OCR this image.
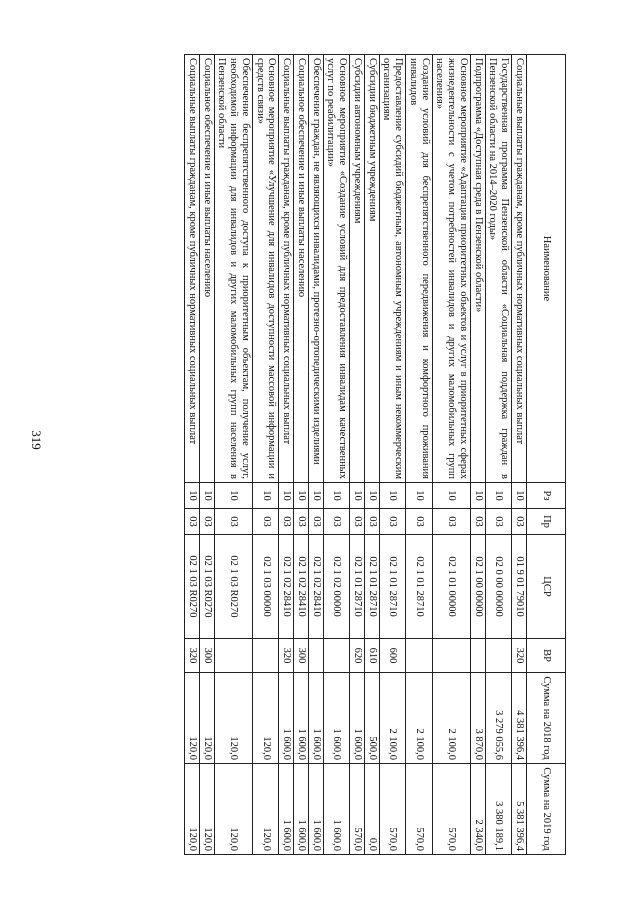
319
Наименование	Рз	Пр	ЦСР	ВР	Сумма на 2018 год	Сумма на 2019 год
Социальные выплаты гражданам, кроме публичных нормативных социальных выплат	10	03	01 9 01 79010	320	4 381 396,4	5 381 396,4
Государственная программа Пензенской области «Социальная поддержка граждан в Пензенской области на 2014–2020 годы»	10	03	02 0 00 00000		3 279 055,6	3 380 189,1
Подпрограмма «Доступная среда в Пензенской области»	10	03	02 1 00 00000		3 870,0	2 340,0
Основное мероприятие «Адаптация приоритетных объектов и услуг в приоритетных сферах жизнедеятельности с учетом потребностей инвалидов и других маломобильных групп населения»	10	03	02 1 01 00000		2 100,0	570,0
Создание условий для беспрепятственного передвижения и комфортного проживания инвалидов	10	03	02 1 01 28710		2 100,0	570,0
Предоставление субсидий бюджетным, автономным учреждениям и иным некоммерческим организациям	10	03	02 1 01 28710	600	2 100,0	570,0
Субсидии бюджетным учреждениям	10	03	02 1 01 28710	610	500,0	0,0
Субсидии автономным учреждениям	10	03	02 1 01 28710	620	1 600,0	570,0
Основное мероприятие «Создание условий для предоставления инвалидам качественных услуг по реабилитации»	10	03	02 1 02 00000		1 600,0	1 600,0
Обеспечение граждан, не являющихся инвалидами, протезно-ортопедическими изделиями	10	03	02 1 02 28410		1 600,0	1 600,0
Социальное обеспечение и иные выплаты населению	10	03	02 1 02 28410	300	1 600,0	1 600,0
Социальные выплаты гражданам, кроме публичных нормативных социальных выплат	10	03	02 1 02 28410	320	1 600,0	1 600,0
Основное мероприятие «Улучшение для инвалидов доступности массовой информации и средств связи»	10	03	02 1 03 00000		120,0	120,0
Обеспечение беспрепятственного доступа к приоритетным объектам, получение услуг, необходимой информации для инвалидов и других маломобильных групп населения в Пензенской области	10	03	02 1 03 R0270		120,0	120,0
Социальное обеспечение и иные выплаты населению	10	03	02 1 03 R0270	300	120,0	120,0
Социальные выплаты гражданам, кроме публичных нормативных социальных выплат	10	03	02 1 03 R0270	320	120,0	120,0
